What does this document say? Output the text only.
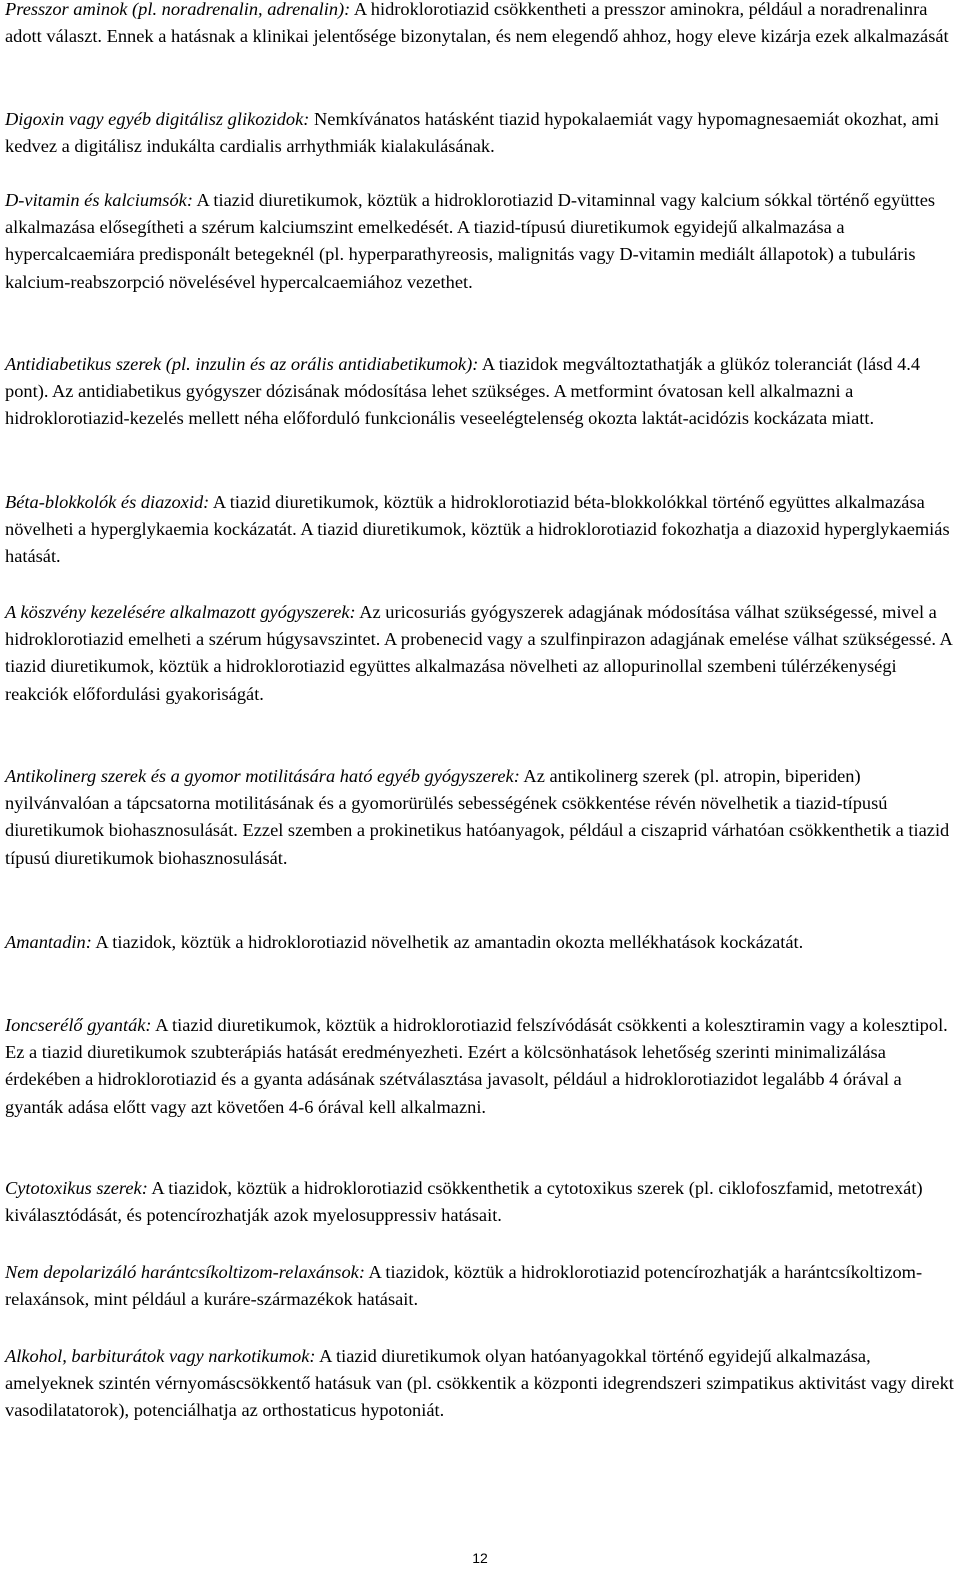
Presszor aminok (pl. noradrenalin, adrenalin): A hidroklorotiazid csökkentheti a presszor aminokra, például a noradrenalinra adott választ. Ennek a hatásnak a klinikai jelentősége bizonytalan, és nem elegendő ahhoz, hogy eleve kizárja ezek alkalmazását

Digoxin vagy egyéb digitálisz glikozidok: Nemkívánatos hatásként tiazid hypokalaemiát vagy hypomagnesaemiát okozhat, ami kedvez a digitálisz indukálta cardialis arrhythmiák kialakulásának.

D-vitamin és kalciumsók: A tiazid diuretikumok, köztük a hidroklorotiazid D-vitaminnal vagy kalcium sókkal történő együttes alkalmazása elősegítheti a szérum kalciumszint emelkedését. A tiazid-típusú diuretikumok egyidejű alkalmazása a hypercalcaemiára predisponált betegeknél (pl. hyperparathyreosis, malignitás vagy D-vitamin mediált állapotok) a tubuláris kalcium-reabszorpció növelésével hypercalcaemiához vezethet.

Antidiabetikus szerek (pl. inzulin és az orális antidiabetikumok): A tiazidok megváltoztathatják a glükóz toleranciát (lásd 4.4 pont). Az antidiabetikus gyógyszer dózisának módosítása lehet szükséges. A metformint óvatosan kell alkalmazni a hidroklorotiazid-kezelés mellett néha előforduló funkcionális veseelégtelenség okozta laktát-acidózis kockázata miatt.

Béta-blokkolók és diazoxid: A tiazid diuretikumok, köztük a hidroklorotiazid béta-blokkolókkal történő együttes alkalmazása növelheti a hyperglykaemia kockázatát. A tiazid diuretikumok, köztük a hidroklorotiazid fokozhatja a diazoxid hyperglykaemiás hatását.

A köszvény kezelésére alkalmazott gyógyszerek: Az uricosuriás gyógyszerek adagjának módosítása válhat szükségessé, mivel a hidroklorotiazid emelheti a szérum húgysavszintet. A probenecid vagy a szulfinpirazon adagjának emelése válhat szükségessé. A tiazid diuretikumok, köztük a hidroklorotiazid együttes alkalmazása növelheti az allopurinollal szembeni túlérzékenységi reakciók előfordulási gyakoriságát.

Antikolinerg szerek és a gyomor motilitására ható egyéb gyógyszerek: Az antikolinerg szerek (pl. atropin, biperiden) nyilvánvalóan a tápcsatorna motilitásának és a gyomorürülés sebességének csökkentése révén növelhetik a tiazid-típusú diuretikumok biohasznosulását. Ezzel szemben a prokinetikus hatóanyagok, például a ciszaprid várhatóan csökkenthetik a tiazid típusú diuretikumok biohasznosulását.

Amantadin: A tiazidok, köztük a hidroklorotiazid növelhetik az amantadin okozta mellékhatások kockázatát.

Ioncserélő gyanták: A tiazid diuretikumok, köztük a hidroklorotiazid felszívódását csökkenti a kolesztiramin vagy a kolesztipol. Ez a tiazid diuretikumok szubterápiás hatását eredményezheti. Ezért a kölcsönhatások lehetőség szerinti minimalizálása érdekében a hidroklorotiazid és a gyanta adásának szétválasztása javasolt, például a hidroklorotiazidot legalább 4 órával a gyanták adása előtt vagy azt követően 4-6 órával kell alkalmazni.

Cytotoxikus szerek: A tiazidok, köztük a hidroklorotiazid csökkenthetik a cytotoxikus szerek (pl. ciklofoszfamid, metotrexát) kiválasztódását, és potencírozhatják azok myelosuppressiv hatásait.

Nem depolarizáló harántcsíkoltizom-relaxánsok: A tiazidok, köztük a hidroklorotiazid potencírozhatják a harántcsíkoltizom-relaxánsok, mint például a kuráre-származékok hatásait.

Alkohol, barbiturátok vagy narkotikumok: A tiazid diuretikumok olyan hatóanyagokkal történő egyidejű alkalmazása, amelyeknek szintén vérnyomáscsökkentő hatásuk van (pl. csökkentik a központi idegrendszeri szimpatikus aktivitást vagy direkt vasodilatatorok), potenciálhatja az orthostaticus hypotoniát.

12
